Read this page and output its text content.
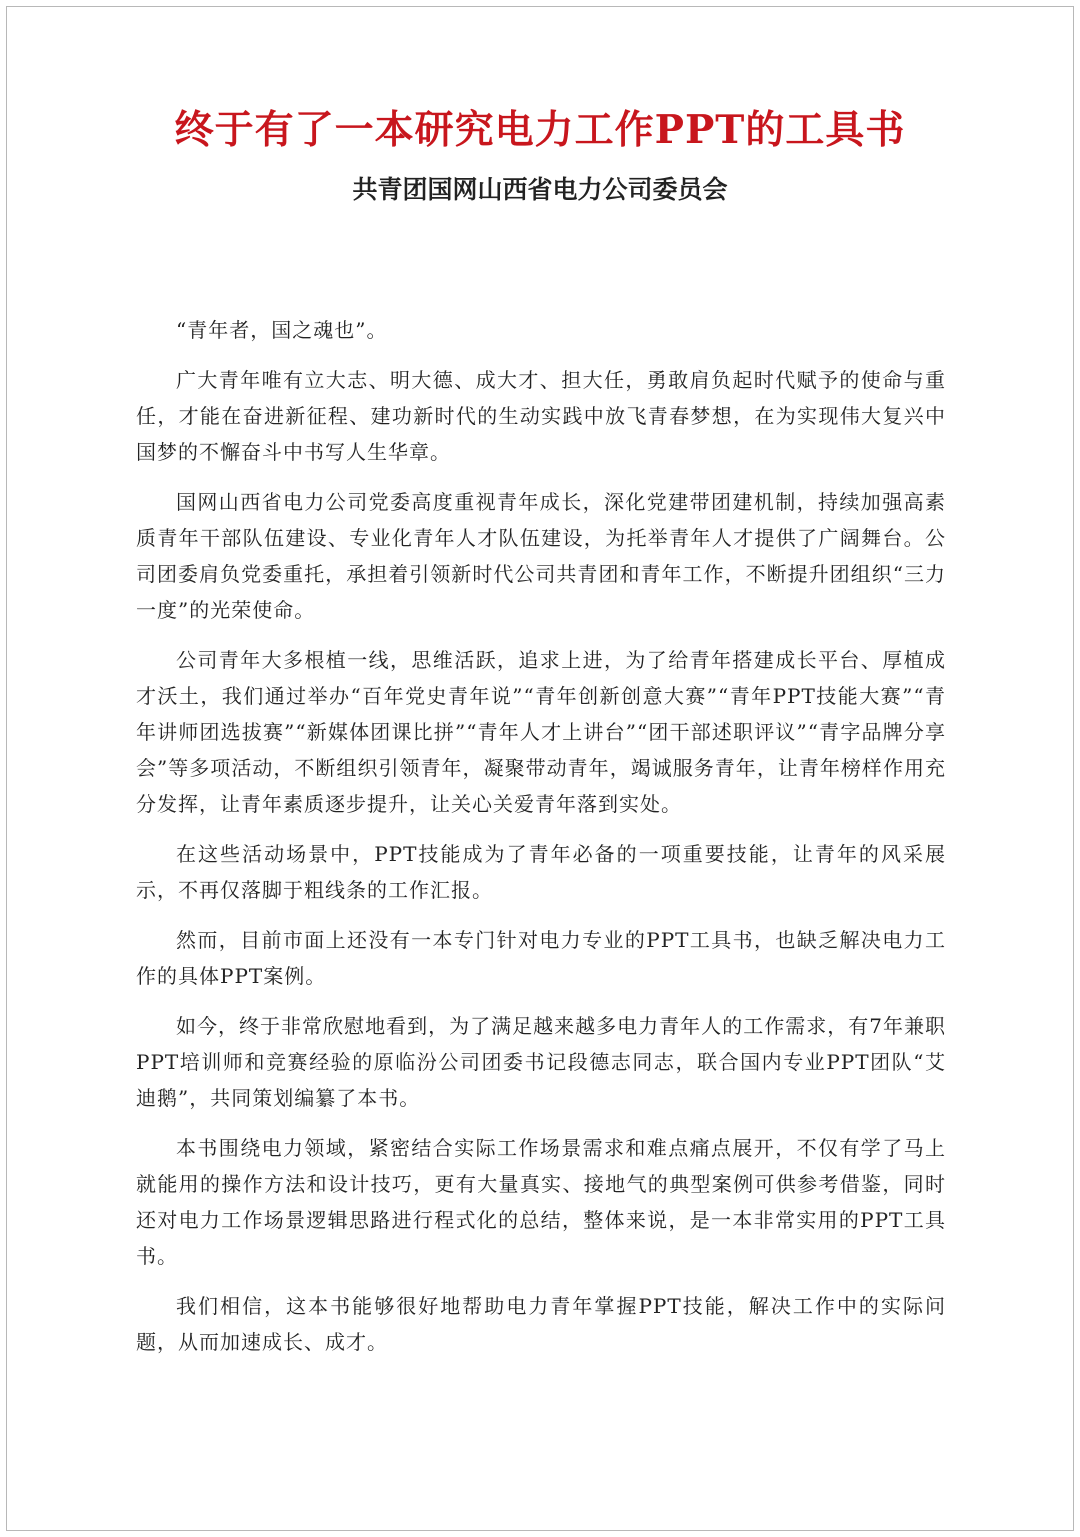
终于有了一本研究电力工作PPT的工具书
共青团国网山西省电力公司委员会

“青年者，国之魂也”。

广大青年唯有立大志、明大德、成大才、担大任，勇敢肩负起时代赋予的使命与重任，才能在奋进新征程、建功新时代的生动实践中放飞青春梦想，在为实现伟大复兴中国梦的不懈奋斗中书写人生华章。

国网山西省电力公司党委高度重视青年成长，深化党建带团建机制，持续加强高素质青年干部队伍建设、专业化青年人才队伍建设，为托举青年人才提供了广阔舞台。公司团委肩负党委重托，承担着引领新时代公司共青团和青年工作，不断提升团组织“三力一度”的光荣使命。

公司青年大多根植一线，思维活跃，追求上进，为了给青年搭建成长平台、厚植成才沃土，我们通过举办“百年党史青年说”“青年创新创意大赛”“青年PPT技能大赛”“青年讲师团选拔赛”“新媒体团课比拼”“青年人才上讲台”“团干部述职评议”“青字品牌分享会”等多项活动，不断组织引领青年，凝聚带动青年，竭诚服务青年，让青年榜样作用充分发挥，让青年素质逐步提升，让关心关爱青年落到实处。

在这些活动场景中，PPT技能成为了青年必备的一项重要技能，让青年的风采展示，不再仅落脚于粗线条的工作汇报。

然而，目前市面上还没有一本专门针对电力专业的PPT工具书，也缺乏解决电力工作的具体PPT案例。

如今，终于非常欣慰地看到，为了满足越来越多电力青年人的工作需求，有7年兼职PPT培训师和竞赛经验的原临汾公司团委书记段德志同志，联合国内专业PPT团队“艾迪鹅”，共同策划编纂了本书。

本书围绕电力领域，紧密结合实际工作场景需求和难点痛点展开，不仅有学了马上就能用的操作方法和设计技巧，更有大量真实、接地气的典型案例可供参考借鉴，同时还对电力工作场景逻辑思路进行程式化的总结，整体来说，是一本非常实用的PPT工具书。

我们相信，这本书能够很好地帮助电力青年掌握PPT技能，解决工作中的实际问题，从而加速成长、成才。
